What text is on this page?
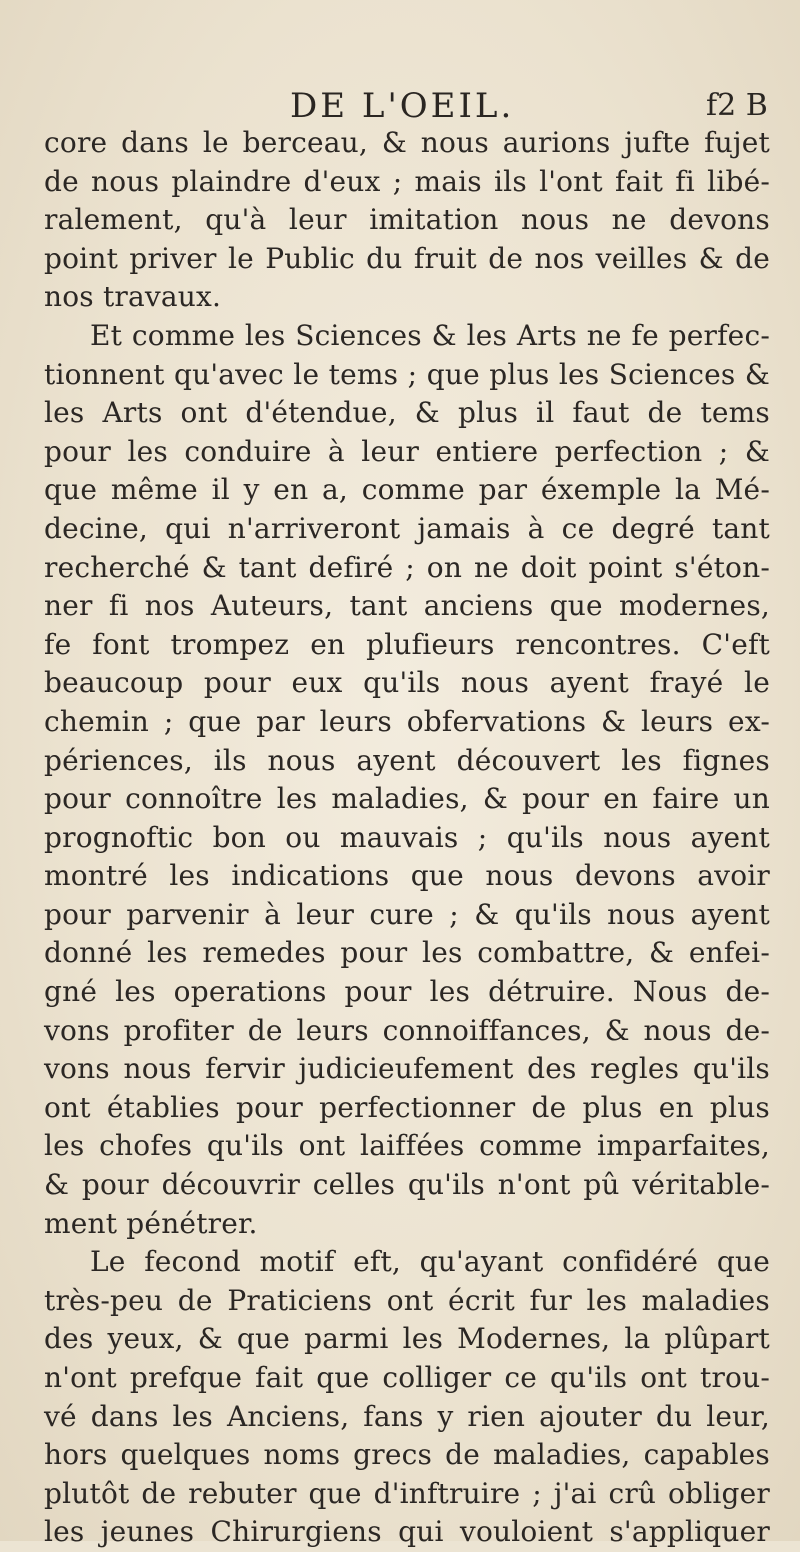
DE L'OEIL.	f2 B
core dans le berceau, & nous aurions jufte fujet
de nous plaindre d'eux ; mais ils l'ont fait fi libé-
ralement, qu'à leur imitation nous ne devons
point priver le Public du fruit de nos veilles & de
nos travaux.
Et comme les Sciences & les Arts ne fe perfec-
tionnent qu'avec le tems ; que plus les Sciences &
les Arts ont d'étendue, & plus il faut de tems
pour les conduire à leur entiere perfection ; &
que même il y en a, comme par éxemple la Mé-
decine, qui n'arriveront jamais à ce degré tant
recherché & tant defiré ; on ne doit point s'éton-
ner fi nos Auteurs, tant anciens que modernes,
fe font trompez en plufieurs rencontres. C'eft
beaucoup pour eux qu'ils nous ayent frayé le
chemin ; que par leurs obfervations & leurs ex-
périences, ils nous ayent découvert les fignes
pour connoître les maladies, & pour en faire un
prognoftic bon ou mauvais ; qu'ils nous ayent
montré les indications que nous devons avoir
pour parvenir à leur cure ; & qu'ils nous ayent
donné les remedes pour les combattre, & enfei-
gné les operations pour les détruire. Nous de-
vons profiter de leurs connoiffances, & nous de-
vons nous fervir judicieufement des regles qu'ils
ont établies pour perfectionner de plus en plus
les chofes qu'ils ont laiffées comme imparfaites,
& pour découvrir celles qu'ils n'ont pû véritable-
ment pénétrer.
Le fecond motif eft, qu'ayant confidéré que
très-peu de Praticiens ont écrit fur les maladies
des yeux, & que parmi les Modernes, la plûpart
n'ont prefque fait que colliger ce qu'ils ont trou-
vé dans les Anciens, fans y rien ajouter du leur,
hors quelques noms grecs de maladies, capables
plutôt de rebuter que d'inftruire ; j'ai crû obliger
les jeunes Chirurgiens qui vouloient s'appliquer
